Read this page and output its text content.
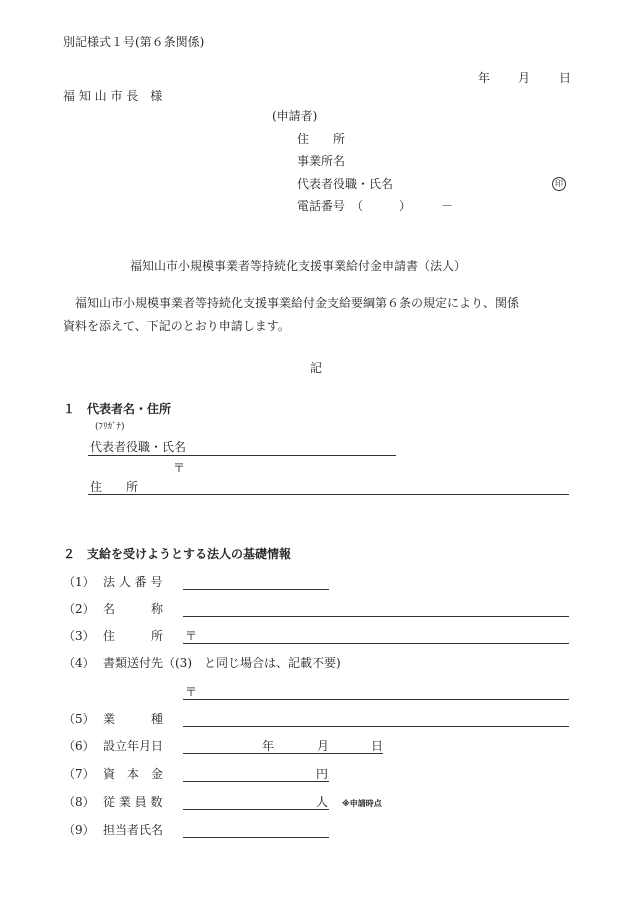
別記様式１号(第６条関係)
年 月 日
福 知 山 市 長　様
(申請者)
住　　所
事業所名
代表者役職・氏名	印
電話番号　（　　　）　　　－
福知山市小規模事業者等持続化支援事業給付金申請書（法人）
福知山市小規模事業者等持続化支援事業給付金支給要綱第６条の規定により、関係
資料を添えて、下記のとおり申請します。
記
１　代表者名・住所
(ﾌﾘｶﾞﾅ)
代表者役職・氏名
〒
住　　所
２　支給を受けようとする法人の基礎情報
（1） 法 人 番 号
（2） 名　　　称
（3） 住　　　所 〒
（4） 書類送付先（(3)　と同じ場合は、記載不要)
〒
（5） 業　　　種
（6） 設立年月日	年	月	日
（7） 資　本　金	円
（8） 従 業 員 数	人 ※申請時点
（9） 担当者氏名
